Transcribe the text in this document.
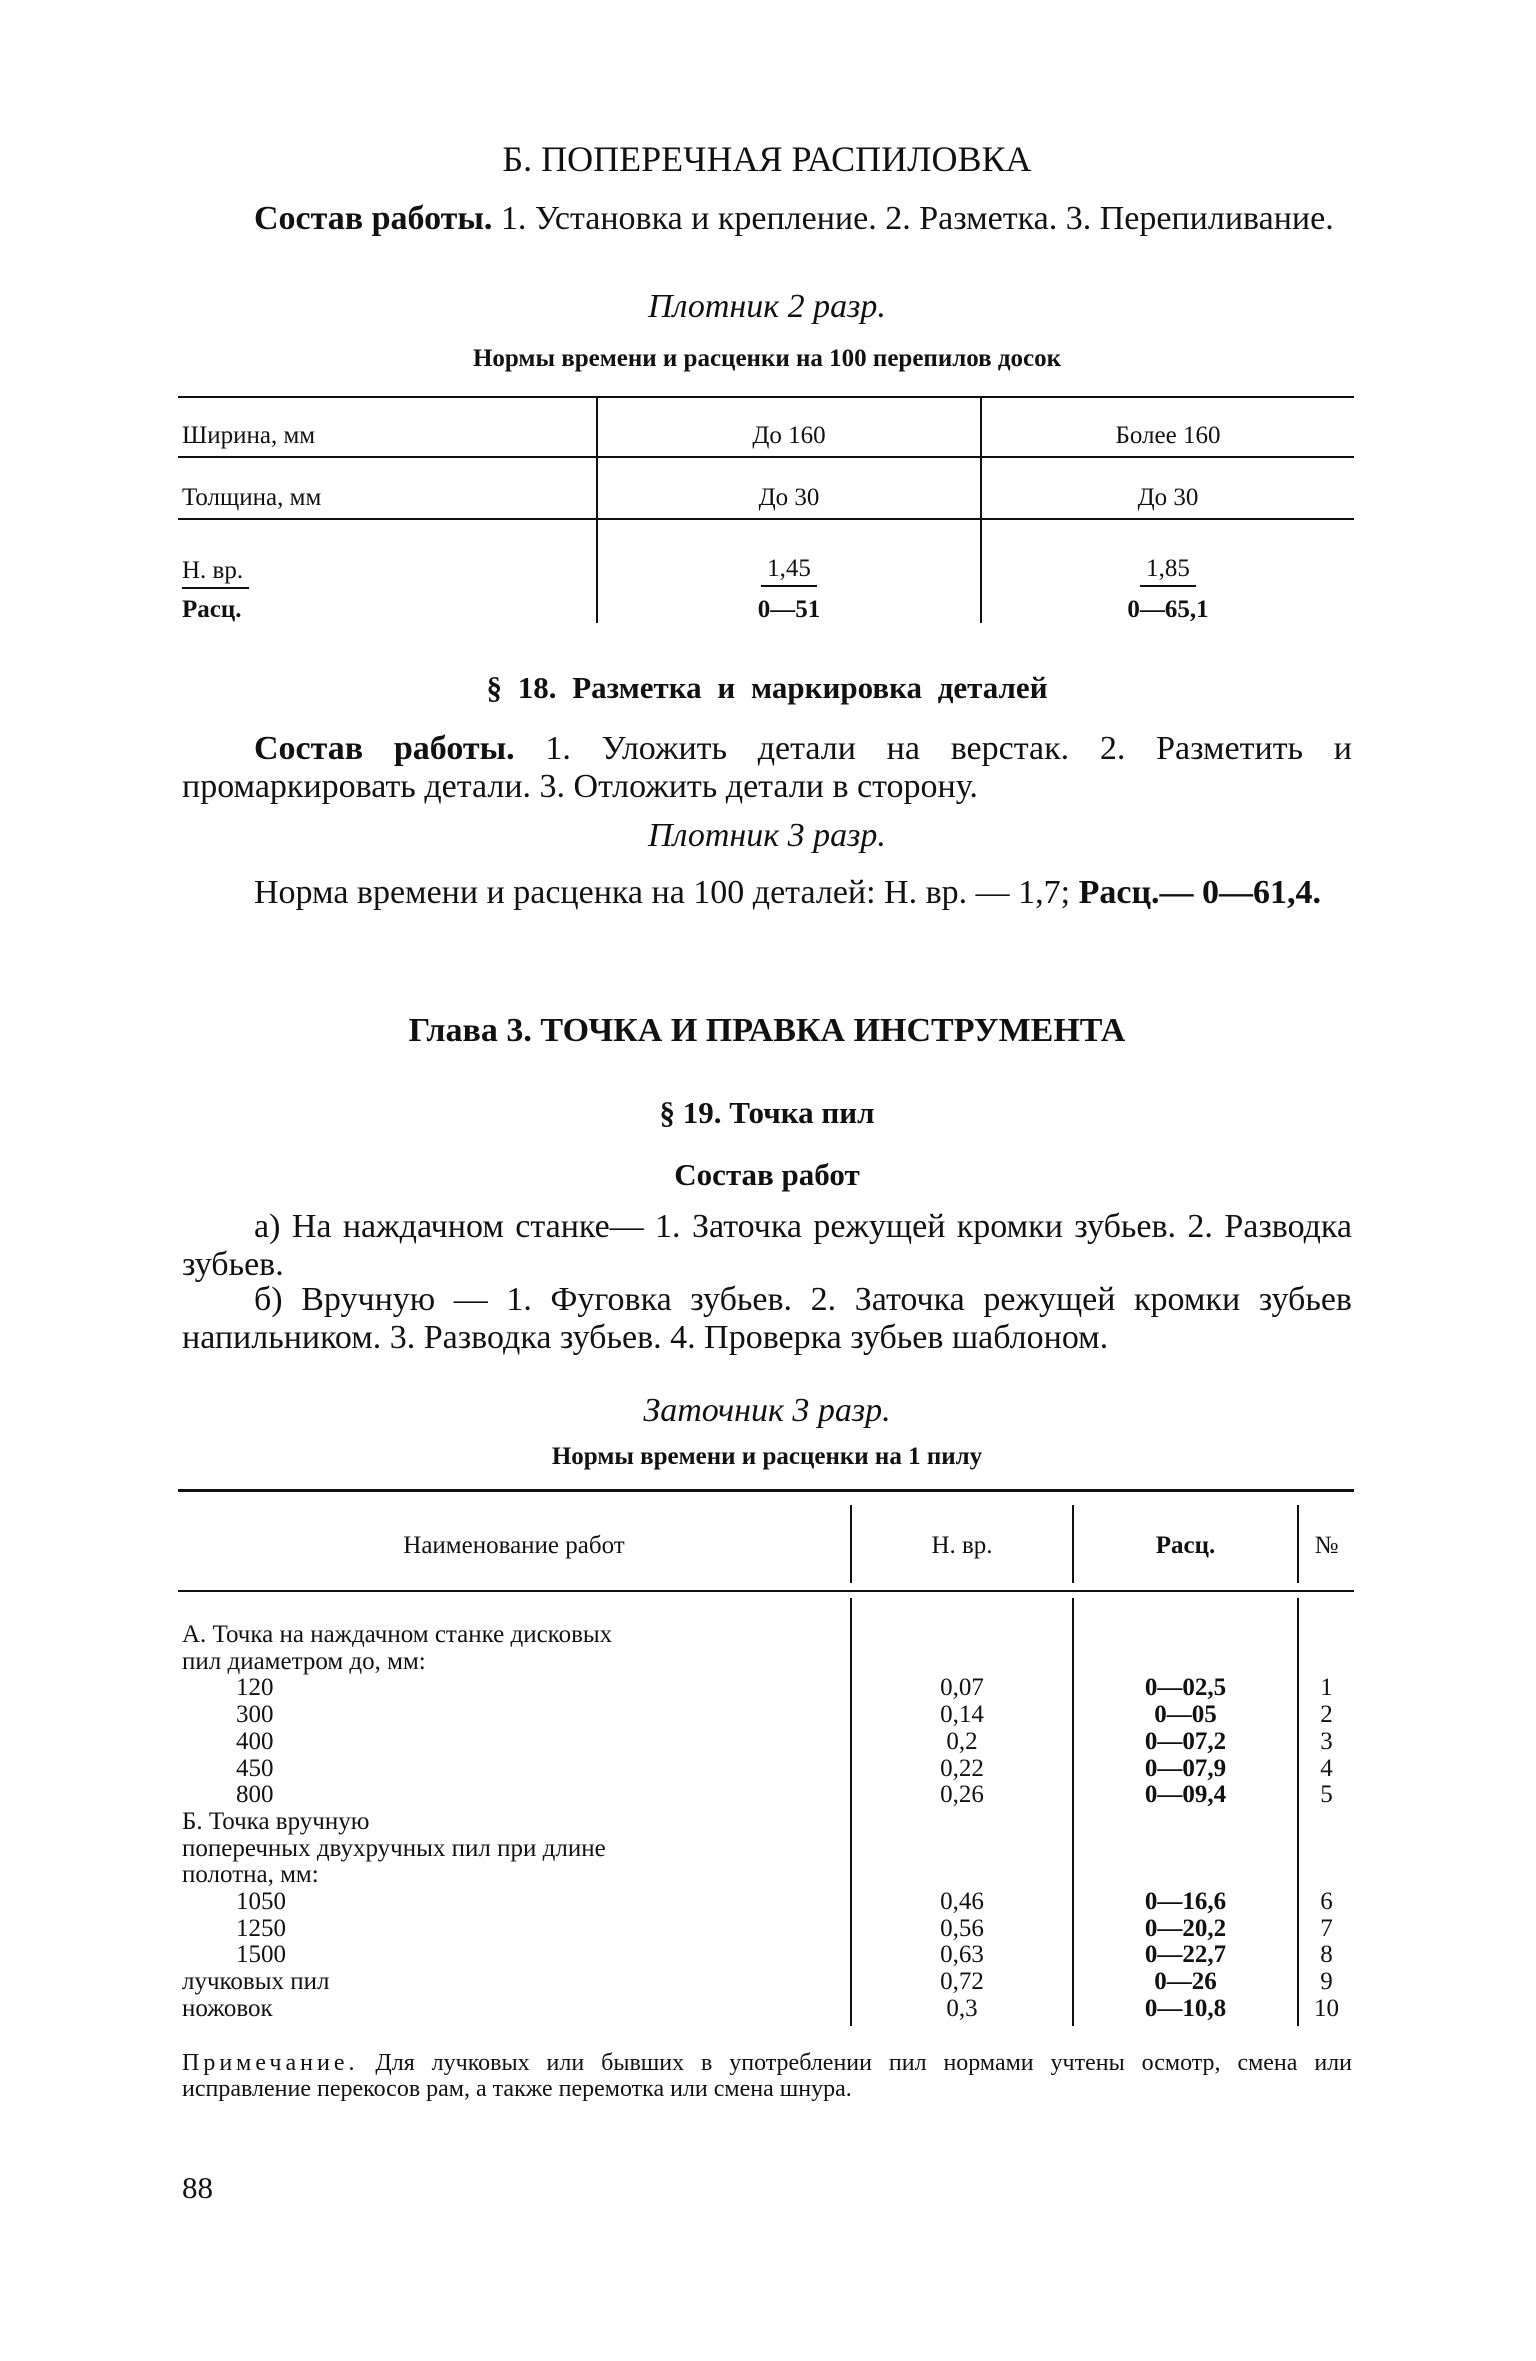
Б. ПОПЕРЕЧНАЯ РАСПИЛОВКА
Состав работы. 1. Установка и крепление. 2. Разметка. 3. Перепиливание.
Плотник 2 разр.
Нормы времени и расценки на 100 перепилов досок
Ширина, мм	До 160	Более 160
Толщина, мм	До 30	До 30
Н. вр.	1,45	1,85
Расц.	0—51	0—65,1
§ 18. Разметка и маркировка деталей
Состав работы. 1. Уложить детали на верстак. 2. Разметить и промаркировать детали. 3. Отложить детали в сторону.
Плотник 3 разр.
Норма времени и расценка на 100 деталей: Н. вр. — 1,7; Расц.— 0—61,4.
Глава 3. ТОЧКА И ПРАВКА ИНСТРУМЕНТА
§ 19. Точка пил
Состав работ
а) На наждачном станке— 1. Заточка режущей кромки зубьев. 2. Разводка зубьев.
б) Вручную — 1. Фуговка зубьев. 2. Заточка режущей кромки зубьев напильником. 3. Разводка зубьев. 4. Проверка зубьев шаблоном.
Заточник 3 разр.
Нормы времени и расценки на 1 пилу
Наименование работ	Н. вр.	Расц.	№
А. Точка на наждачном станке дисковых
пил диаметром до, мм:
120	0,07	0—02,5	1
300	0,14	0—05	2
400	0,2	0—07,2	3
450	0,22	0—07,9	4
800	0,26	0—09,4	5
Б. Точка вручную
поперечных двухручных пил при длине
полотна, мм:
1050	0,46	0—16,6	6
1250	0,56	0—20,2	7
1500	0,63	0—22,7	8
лучковых пил	0,72	0—26	9
ножовок	0,3	0—10,8	10
Примечание. Для лучковых или бывших в употреблении пил нормами учтены осмотр, смена или исправление перекосов рам, а также перемотка или смена шнура.
88
